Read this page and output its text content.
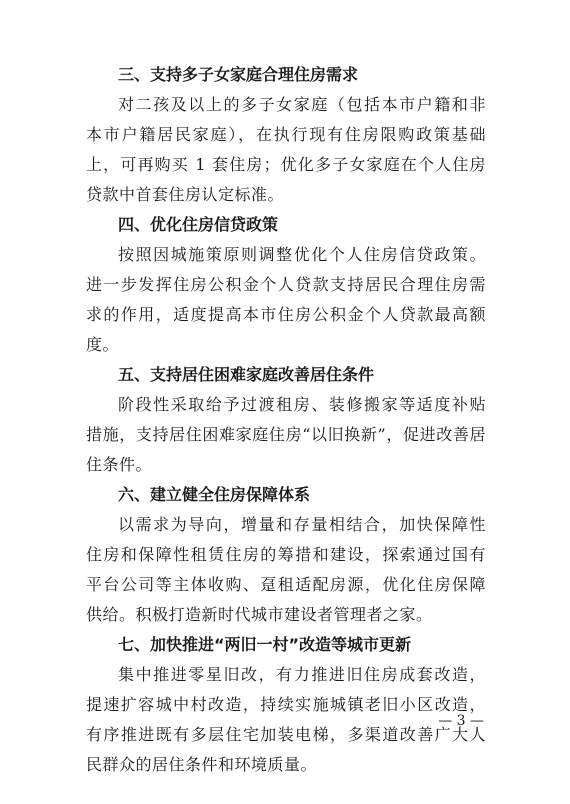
三、支持多子女家庭合理住房需求
对二孩及以上的多子女家庭（包括本市户籍和非
本市户籍居民家庭），在执行现有住房限购政策基础
上，可再购买 1 套住房；优化多子女家庭在个人住房
贷款中首套住房认定标准。
四、优化住房信贷政策
按照因城施策原则调整优化个人住房信贷政策。
进一步发挥住房公积金个人贷款支持居民合理住房需
求的作用，适度提高本市住房公积金个人贷款最高额
度。
五、支持居住困难家庭改善居住条件
阶段性采取给予过渡租房、装修搬家等适度补贴
措施，支持居住困难家庭住房“以旧换新”，促进改善居
住条件。
六、建立健全住房保障体系
以需求为导向，增量和存量相结合，加快保障性
住房和保障性租赁住房的筹措和建设，探索通过国有
平台公司等主体收购、趸租适配房源，优化住房保障
供给。积极打造新时代城市建设者管理者之家。
七、加快推进“两旧一村”改造等城市更新
集中推进零星旧改，有力推进旧住房成套改造，
提速扩容城中村改造，持续实施城镇老旧小区改造，
有序推进既有多层住宅加装电梯，多渠道改善广大人
民群众的居住条件和环境质量。
— 3 —
